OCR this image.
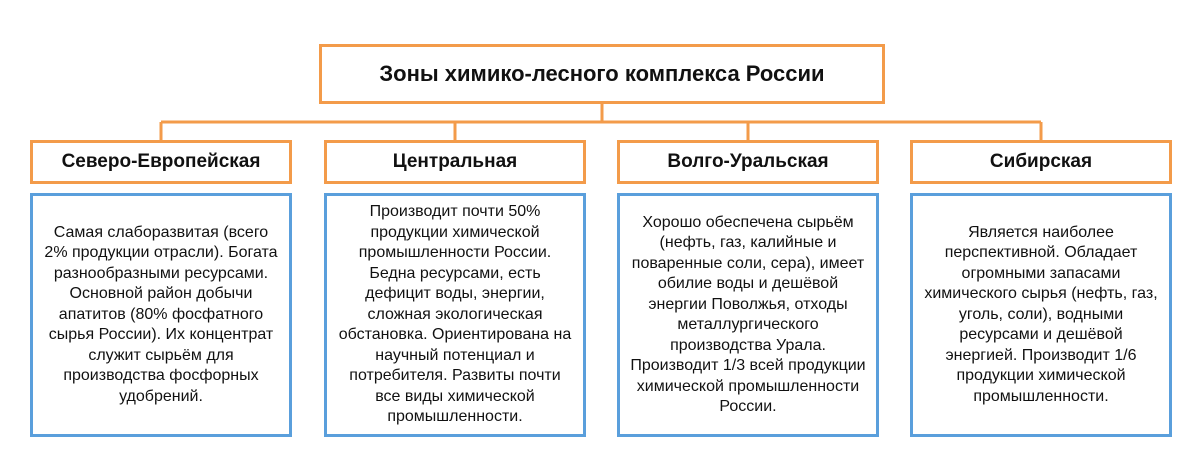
Зоны химико-лесного комплекса России
Северо-Европейская	Центральная	Волго-Уральская	Сибирская
Самая слаборазвитая (всего 2% продукции отрасли). Богата разнообразными ресурсами. Основной район добычи апатитов (80% фосфатного сырья России). Их концентрат служит сырьём для производства фосфорных удобрений.
Производит почти 50% продукции химической промышленности России. Бедна ресурсами, есть дефицит воды, энергии, сложная экологическая обстановка. Ориентирована на научный потенциал и потребителя. Развиты почти все виды химической промышленности.
Хорошо обеспечена сырьём (нефть, газ, калийные и поваренные соли, сера), имеет обилие воды и дешёвой энергии Поволжья, отходы металлургического производства Урала. Производит 1/3 всей продукции химической промышленности России.
Является наиболее перспективной. Обладает огромными запасами химического сырья (нефть, газ, уголь, соли), водными ресурсами и дешёвой энергией. Производит 1/6 продукции химической промышленности.
